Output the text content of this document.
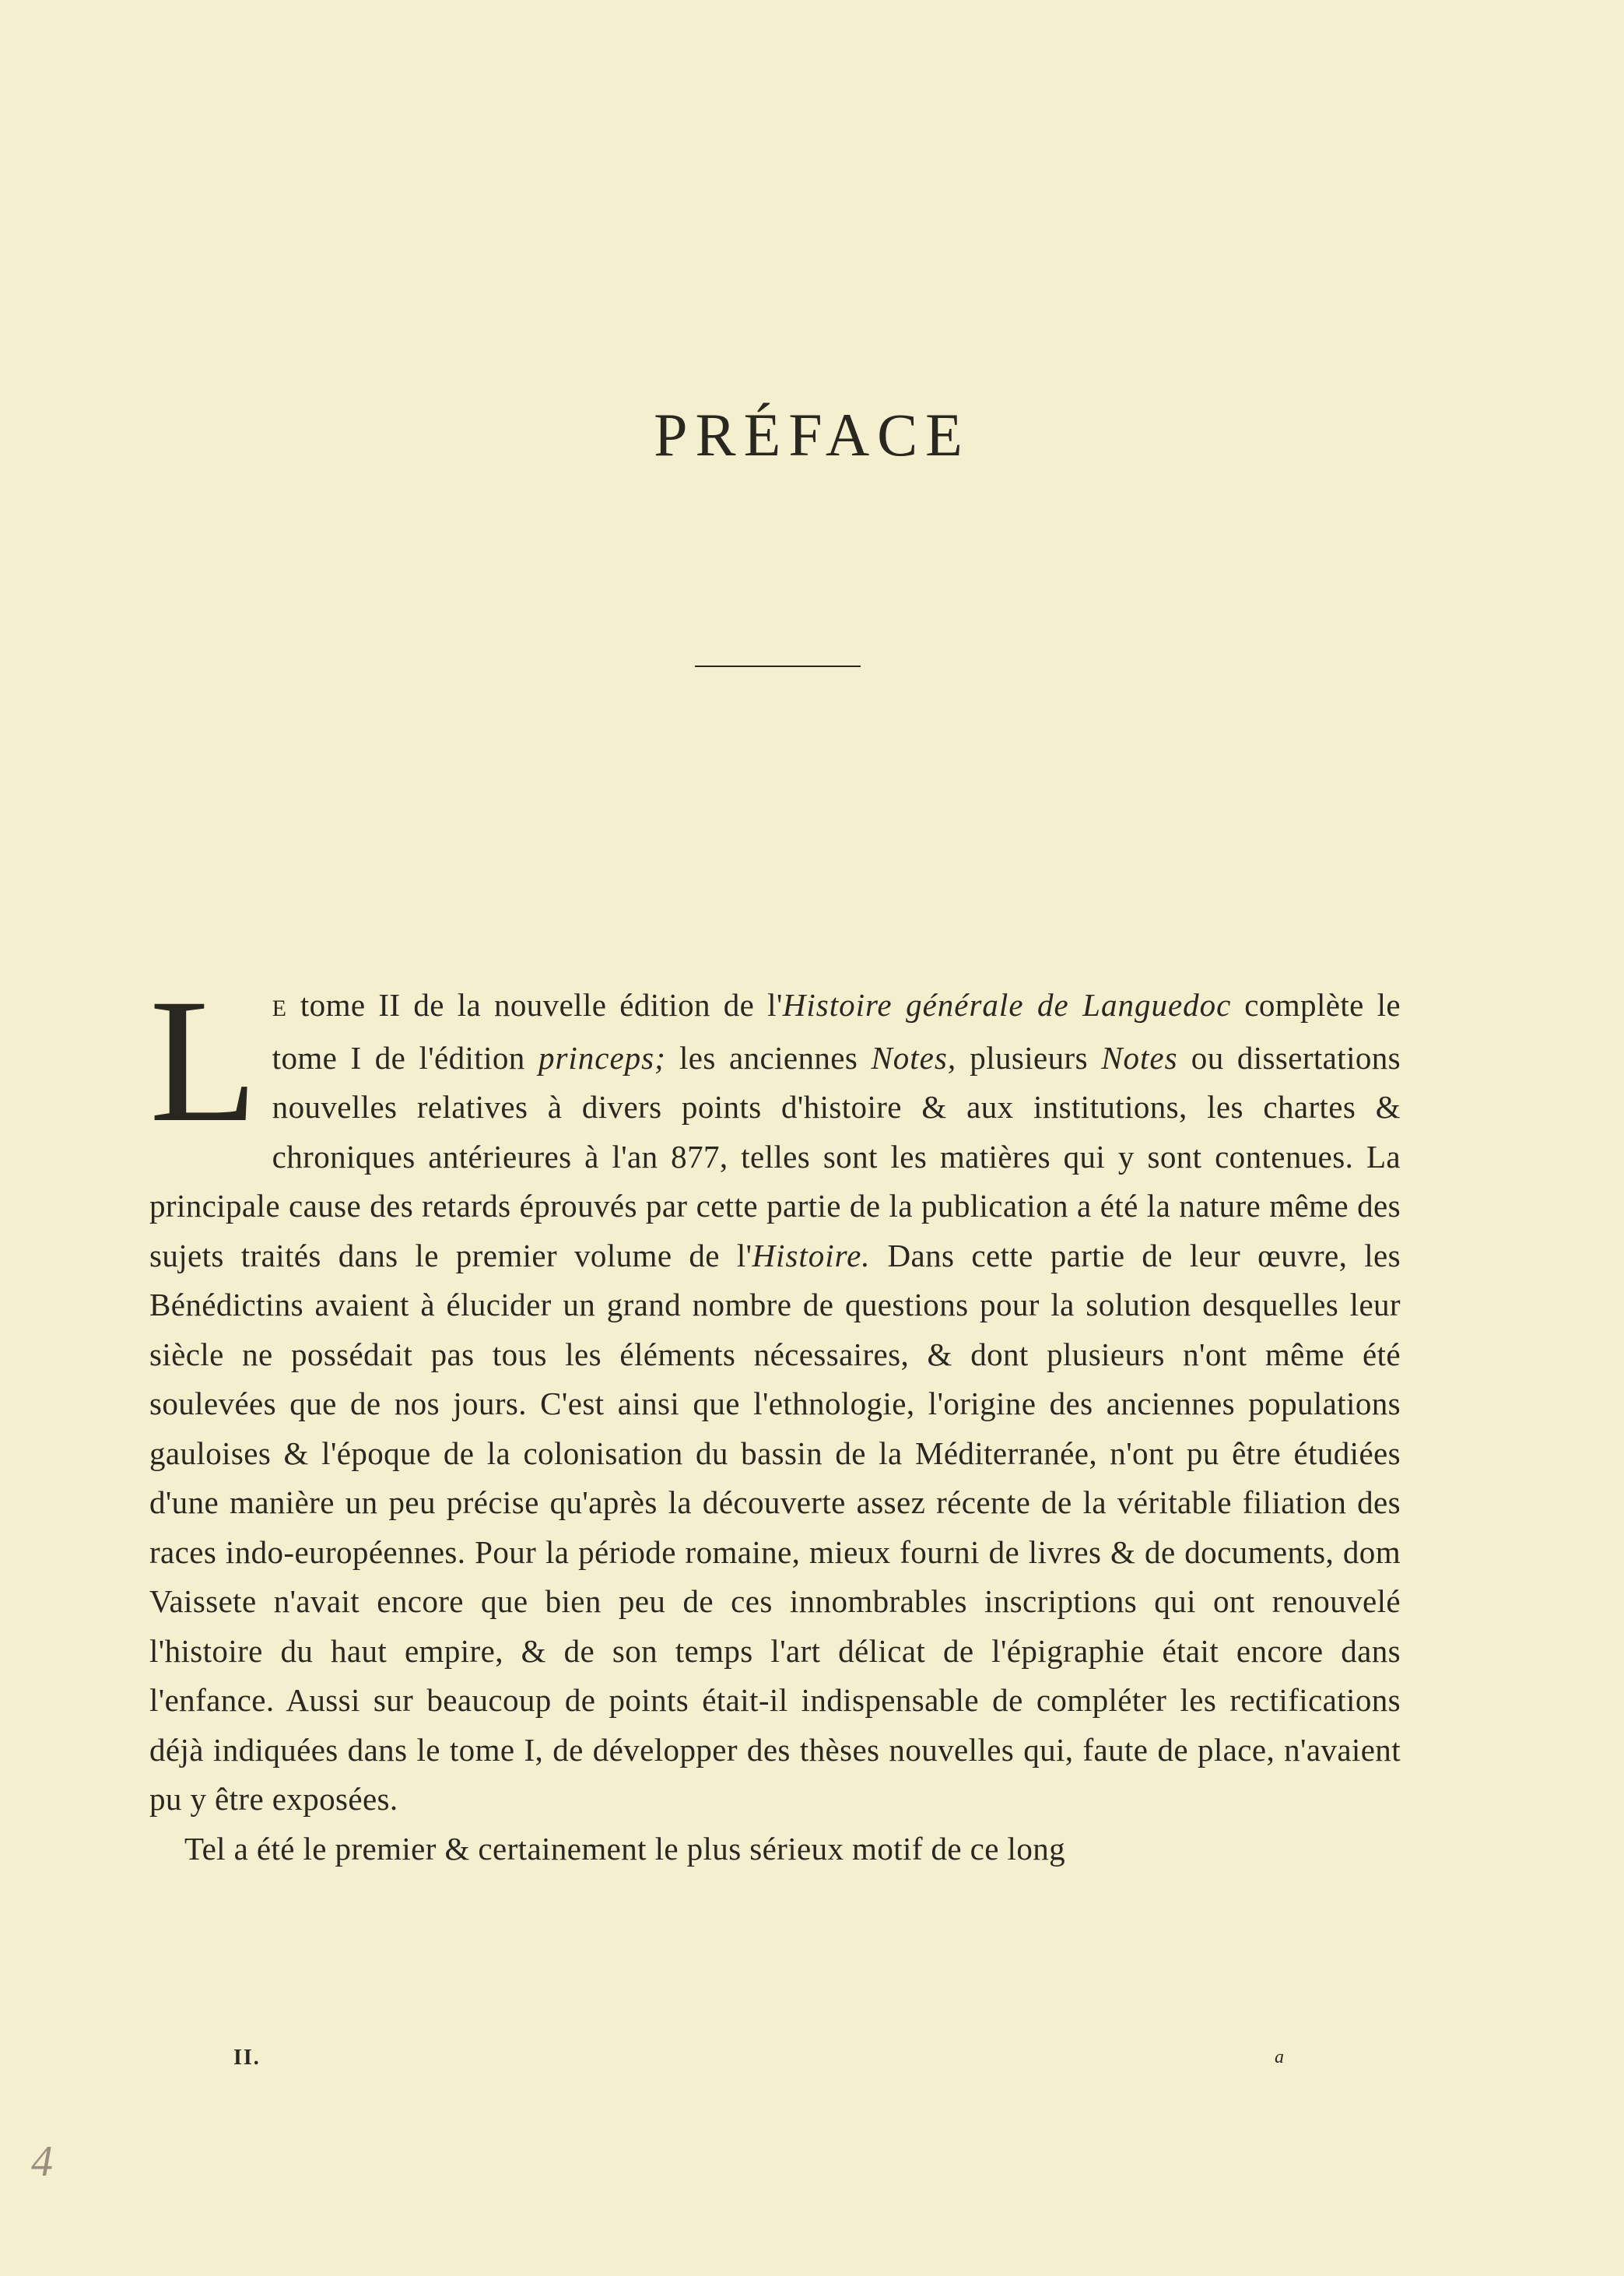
PRÉFACE

L E tome II de la nouvelle édition de l'Histoire générale de Languedoc complète le tome I de l'édition princeps; les anciennes Notes, plusieurs Notes ou dissertations nouvelles relatives à divers points d'histoire & aux institutions, les chartes & chroniques antérieures à l'an 877, telles sont les matières qui y sont contenues. La principale cause des retards éprouvés par cette partie de la publication a été la nature même des sujets traités dans le premier volume de l'Histoire. Dans cette partie de leur œuvre, les Bénédictins avaient à élucider un grand nombre de questions pour la solution desquelles leur siècle ne possédait pas tous les éléments nécessaires, & dont plusieurs n'ont même été soulevées que de nos jours. C'est ainsi que l'ethnologie, l'origine des anciennes populations gauloises & l'époque de la colonisation du bassin de la Méditerranée, n'ont pu être étudiées d'une manière un peu précise qu'après la découverte assez récente de la véritable filiation des races indo-européennes. Pour la période romaine, mieux fourni de livres & de documents, dom Vaissete n'avait encore que bien peu de ces innombrables inscriptions qui ont renouvelé l'histoire du haut empire, & de son temps l'art délicat de l'épigraphie était encore dans l'enfance. Aussi sur beaucoup de points était-il indispensable de compléter les rectifications déjà indiquées dans le tome I, de développer des thèses nouvelles qui, faute de place, n'avaient pu y être exposées.

Tel a été le premier & certainement le plus sérieux motif de ce long

II.	a
4
